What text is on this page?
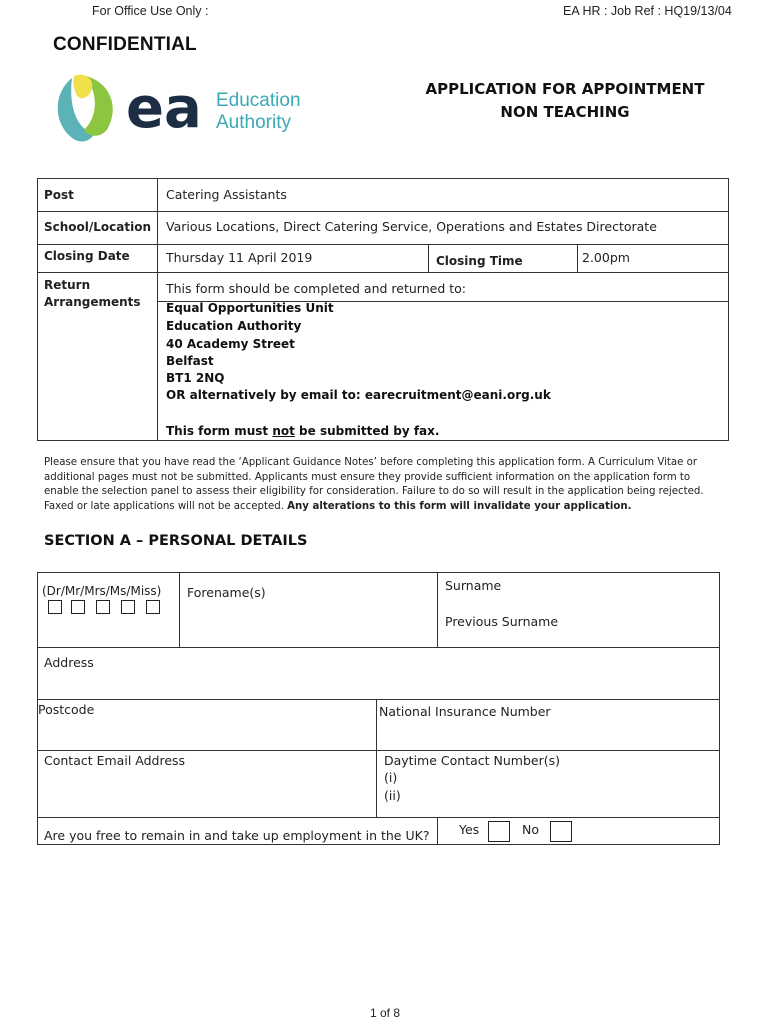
For Office Use Only :	EA HR : Job Ref : HQ19/13/04
CONFIDENTIAL
ea Education
Authority
APPLICATION FOR APPOINTMENT
NON TEACHING
Post	Catering Assistants
School/Location Various Locations, Direct Catering Service, Operations and Estates Directorate
Closing Date	Thursday 11 April 2019	Closing Time	2.00pm
Return
Arrangements
This form should be completed and returned to:
Equal Opportunities Unit
Education Authority
40 Academy Street
Belfast
BT1 2NQ
OR alternatively by email to: earecruitment@eani.org.uk
This form must not be submitted by fax.
Please ensure that you have read the ‘Applicant Guidance Notes’ before completing this application form. A Curriculum Vitae or additional pages must not be submitted. Applicants must ensure they provide sufficient information on the application form to enable the selection panel to assess their eligibility for consideration. Failure to do so will result in the application being rejected. Faxed or late applications will not be accepted. Any alterations to this form will invalidate your application.
SECTION A – PERSONAL DETAILS
(Dr/Mr/Mrs/Ms/Miss) Forename(s)	Surname
Previous Surname
Address
Postcode	National Insurance Number
Contact Email Address	Daytime Contact Number(s)
(i)
(ii)
Are you free to remain in and take up employment in the UK? Yes	No
1 of 8
